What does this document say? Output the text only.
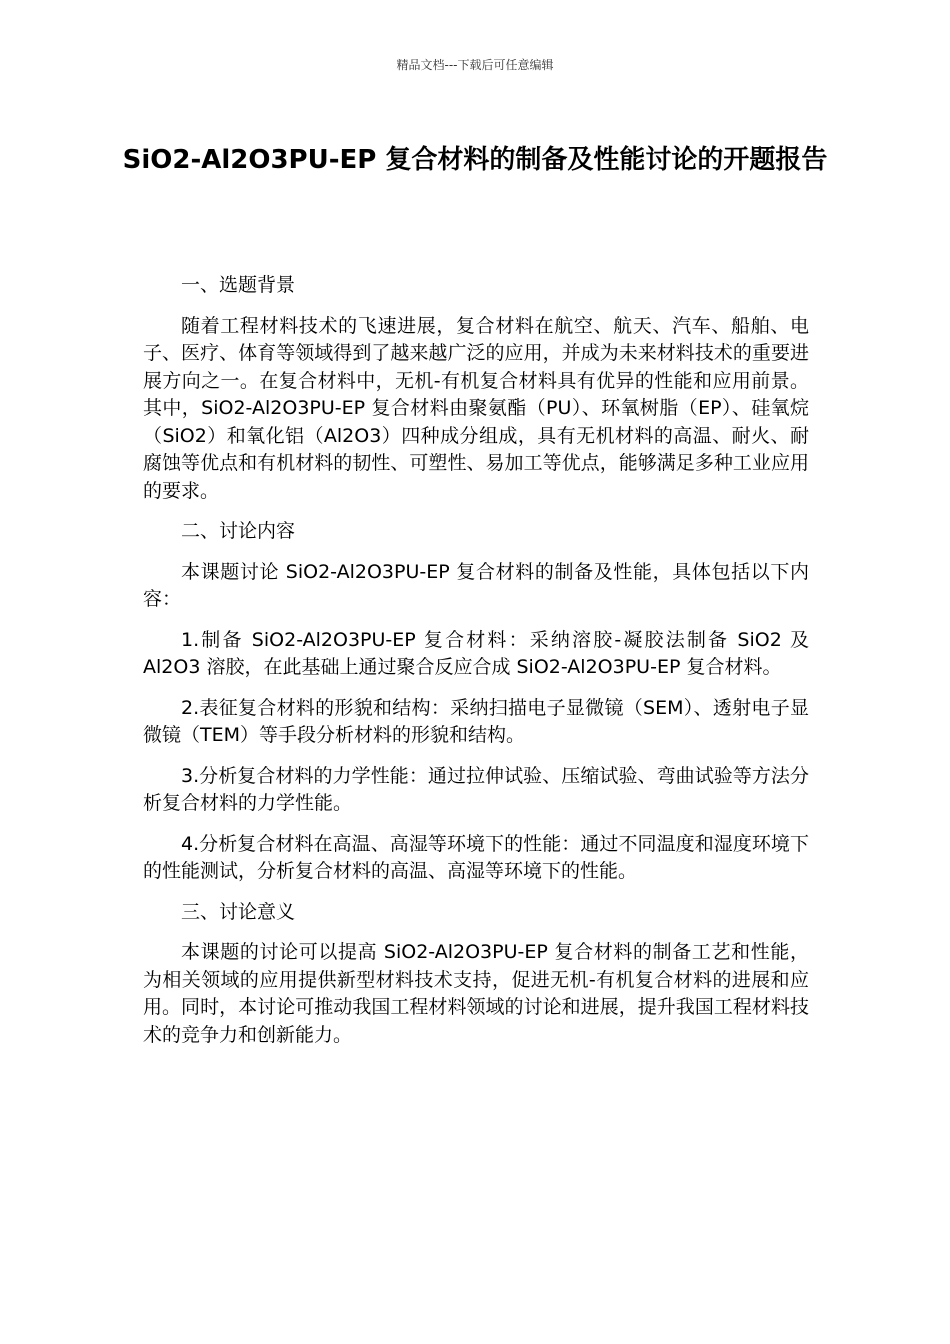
精品文档---下载后可任意编辑
SiO2-Al2O3PU-EP 复合材料的制备及性能讨论的开题报告

一、选题背景

随着工程材料技术的飞速进展，复合材料在航空、航天、汽车、船舶、电子、医疗、体育等领域得到了越来越广泛的应用，并成为未来材料技术的重要进展方向之一。在复合材料中，无机-有机复合材料具有优异的性能和应用前景。其中，SiO2-Al2O3PU-EP 复合材料由聚氨酯（PU）、环氧树脂（EP）、硅氧烷（SiO2）和氧化铝（Al2O3）四种成分组成，具有无机材料的高温、耐火、耐腐蚀等优点和有机材料的韧性、可塑性、易加工等优点，能够满足多种工业应用的要求。

二、讨论内容

本课题讨论 SiO2-Al2O3PU-EP 复合材料的制备及性能，具体包括以下内容：

1.制备 SiO2-Al2O3PU-EP 复合材料：采纳溶胶-凝胶法制备 SiO2 及 Al2O3 溶胶，在此基础上通过聚合反应合成 SiO2-Al2O3PU-EP 复合材料。

2.表征复合材料的形貌和结构：采纳扫描电子显微镜（SEM）、透射电子显微镜（TEM）等手段分析材料的形貌和结构。

3.分析复合材料的力学性能：通过拉伸试验、压缩试验、弯曲试验等方法分析复合材料的力学性能。

4.分析复合材料在高温、高湿等环境下的性能：通过不同温度和湿度环境下的性能测试，分析复合材料的高温、高湿等环境下的性能。

三、讨论意义

本课题的讨论可以提高 SiO2-Al2O3PU-EP 复合材料的制备工艺和性能，为相关领域的应用提供新型材料技术支持，促进无机-有机复合材料的进展和应用。同时，本讨论可推动我国工程材料领域的讨论和进展，提升我国工程材料技术的竞争力和创新能力。
